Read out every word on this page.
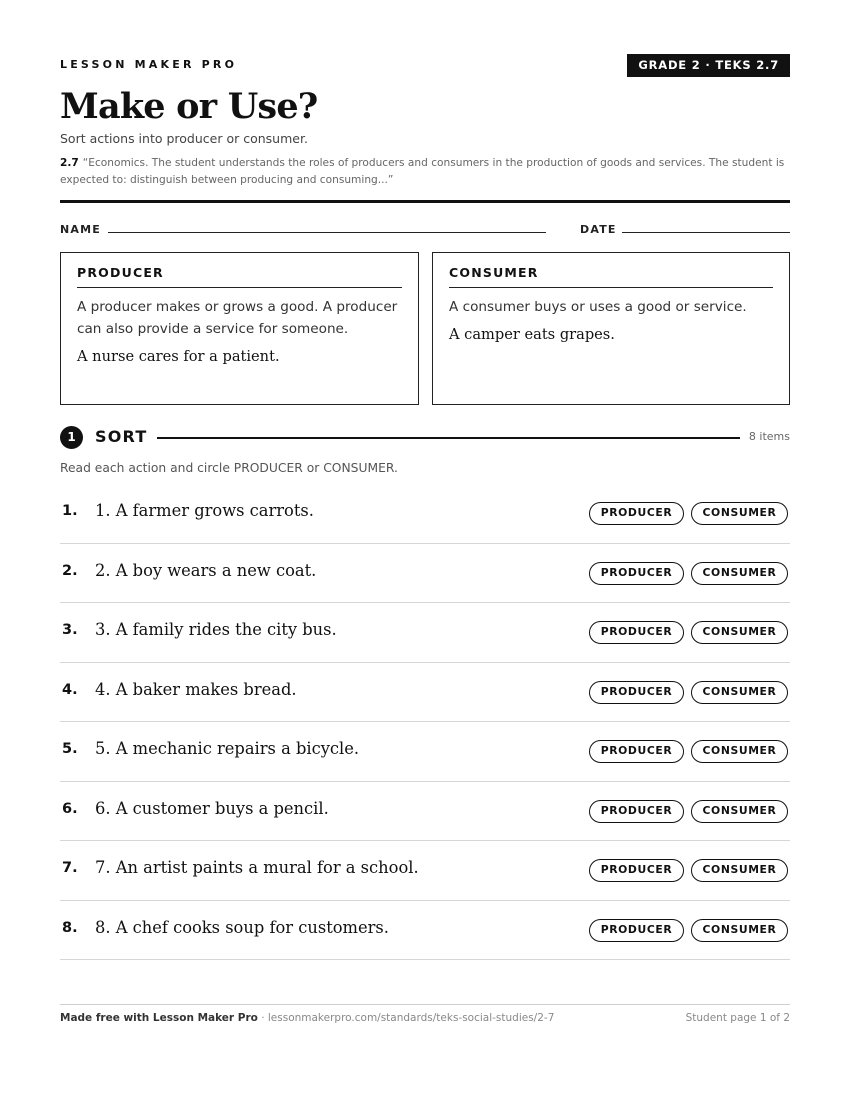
LESSON MAKER PRO	GRADE 2 · TEKS 2.7
Make or Use?
Sort actions into producer or consumer.
2.7 “Economics. The student understands the roles of producers and consumers in the production of goods and services. The student is expected to: distinguish between producing and consuming...”
NAME	DATE
PRODUCER
A producer makes or grows a good. A producer can also provide a service for someone.
A nurse cares for a patient.
CONSUMER
A consumer buys or uses a good or service.
A camper eats grapes.
1	SORT	8 items
Read each action and circle PRODUCER or CONSUMER.
1. 1. A farmer grows carrots.	PRODUCER	CONSUMER
2. 2. A boy wears a new coat.	PRODUCER	CONSUMER
3. 3. A family rides the city bus.	PRODUCER	CONSUMER
4. 4. A baker makes bread.	PRODUCER	CONSUMER
5. 5. A mechanic repairs a bicycle.	PRODUCER	CONSUMER
6. 6. A customer buys a pencil.	PRODUCER	CONSUMER
7. 7. An artist paints a mural for a school.	PRODUCER	CONSUMER
8. 8. A chef cooks soup for customers.	PRODUCER	CONSUMER
Made free with Lesson Maker Pro · lessonmakerpro.com/standards/teks-social-studies/2-7	Student page 1 of 2
